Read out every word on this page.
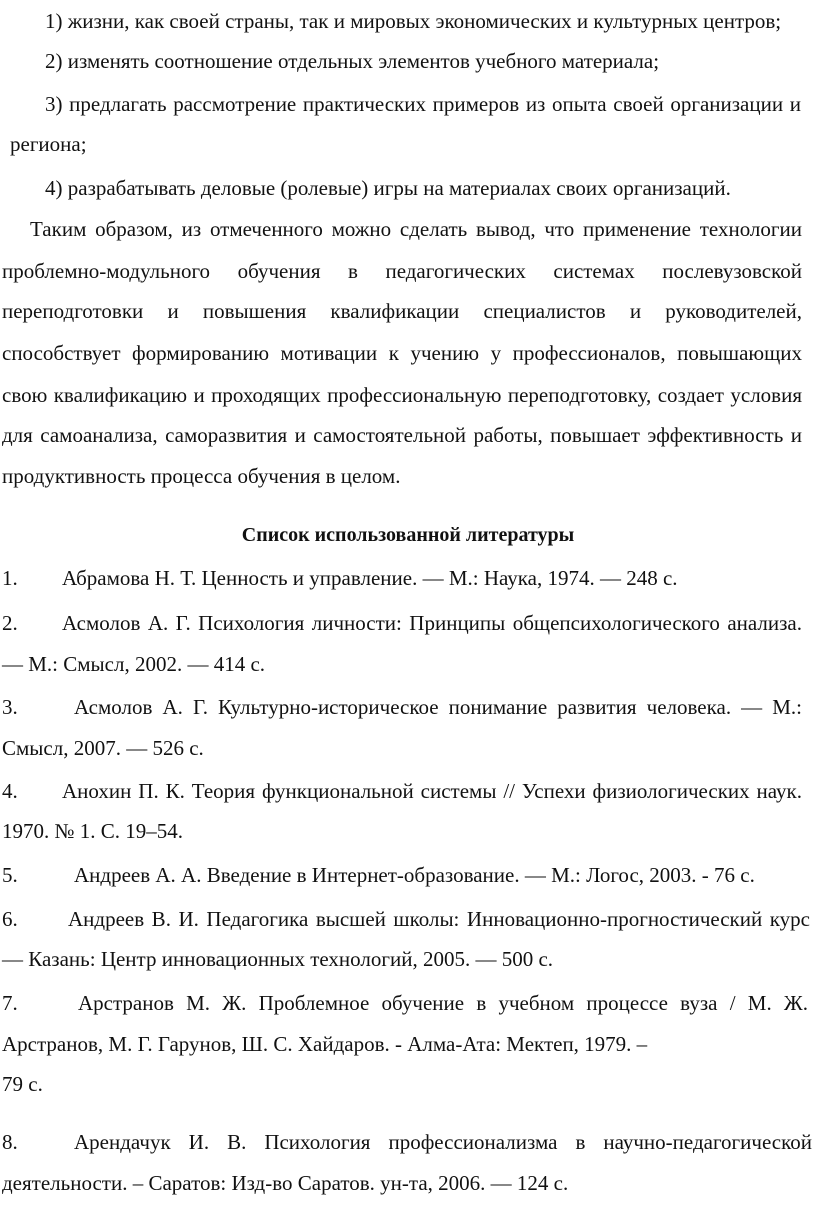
1) жизни, как своей страны, так и мировых экономических и культурных центров;
2) изменять соотношение отдельных элементов учебного материала;
3) предлагать рассмотрение практических примеров из опыта своей организации и
региона;
4) разрабатывать деловые (ролевые) игры на материалах своих организаций.
Таким образом, из отмеченного можно сделать вывод, что применение технологии
проблемно-модульного обучения в педагогических системах послевузовской
переподготовки и повышения квалификации специалистов и руководителей,
способствует формированию мотивации к учению у профессионалов, повышающих
свою квалификацию и проходящих профессиональную переподготовку, создает условия
для самоанализа, саморазвития и самостоятельной работы, повышает эффективность и
продуктивность процесса обучения в целом.
Список использованной литературы
1. Абрамова Н. Т. Ценность и управление. — М.: Наука, 1974. — 248 с.
2. Асмолов А. Г. Психология личности: Принципы общепсихологического анализа.
— М.: Смысл, 2002. — 414 с.
3.	Асмолов А. Г. Культурно-историческое понимание развития человека. — М.:
Смысл, 2007. — 526 с.
4. Анохин П. К. Теория функциональной системы // Успехи физиологических наук.
1970. № 1. С. 19–54.
5.	Андреев А. А. Введение в Интернет-образование. — М.: Логос, 2003. - 76 с.
6. Андреев В. И. Педагогика высшей школы: Инновационно-прогностический курс
— Казань: Центр инновационных технологий, 2005. — 500 с.
7.	Арстранов М. Ж. Проблемное обучение в учебном процессе вуза / М. Ж.
Арстранов, М. Г. Гарунов, Ш. С. Хайдаров. - Алма-Ата: Мектеп, 1979. –
79 с.
8.	Арендачук И. В. Психология профессионализма в научно-педагогической
деятельности. – Саратов: Изд-во Саратов. ун-та, 2006. — 124 с.
